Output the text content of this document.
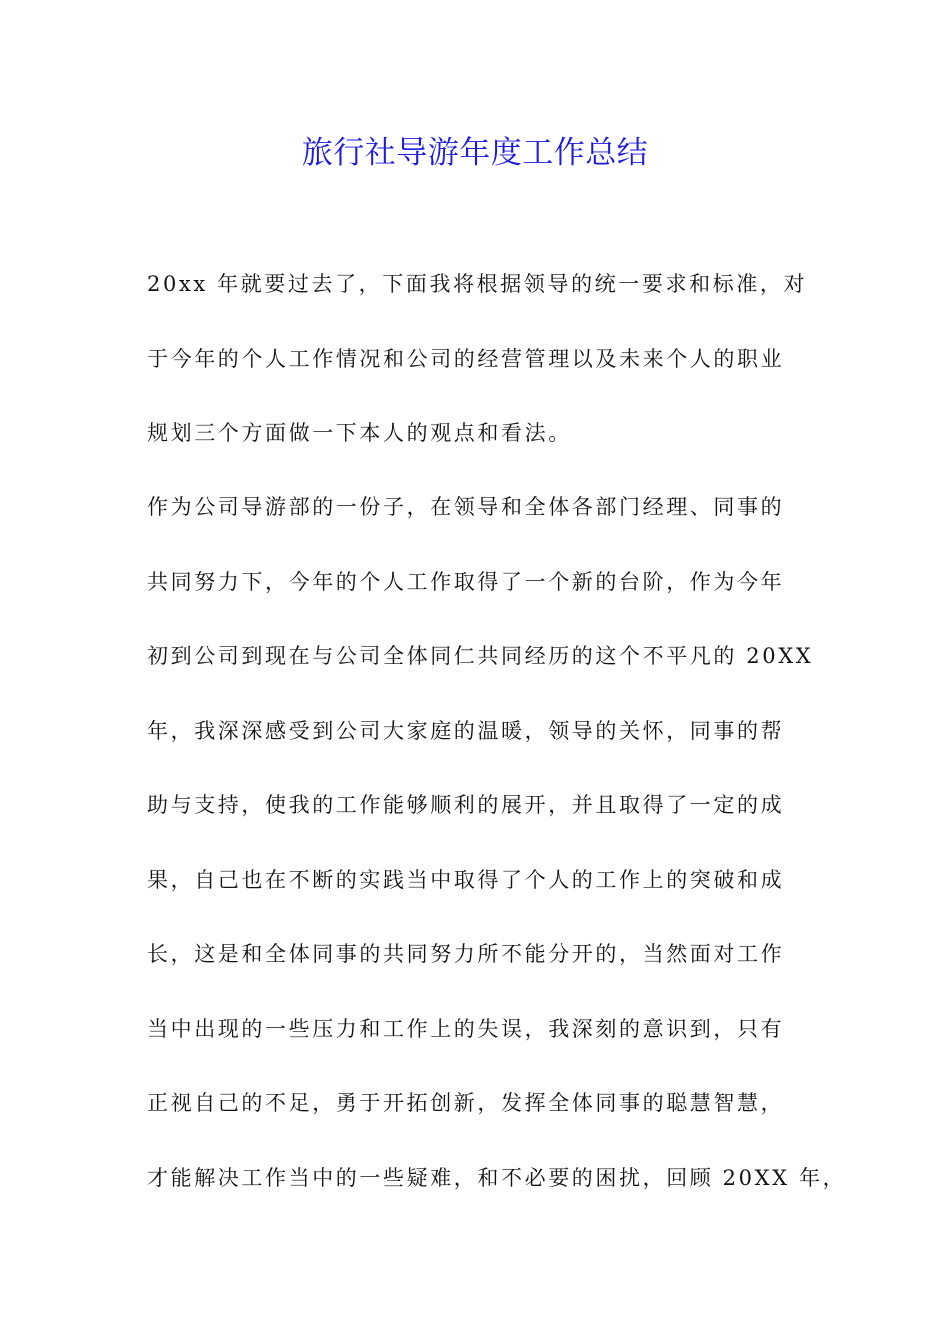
旅行社导游年度工作总结
20xx 年就要过去了，下面我将根据领导的统一要求和标准，对
于今年的个人工作情况和公司的经营管理以及未来个人的职业
规划三个方面做一下本人的观点和看法。
作为公司导游部的一份子，在领导和全体各部门经理、同事的
共同努力下，今年的个人工作取得了一个新的台阶，作为今年
初到公司到现在与公司全体同仁共同经历的这个不平凡的 20XX
年，我深深感受到公司大家庭的温暖，领导的关怀，同事的帮
助与支持，使我的工作能够顺利的展开，并且取得了一定的成
果，自己也在不断的实践当中取得了个人的工作上的突破和成
长，这是和全体同事的共同努力所不能分开的，当然面对工作
当中出现的一些压力和工作上的失误，我深刻的意识到，只有
正视自己的不足，勇于开拓创新，发挥全体同事的聪慧智慧，
才能解决工作当中的一些疑难，和不必要的困扰，回顾 20XX 年，
